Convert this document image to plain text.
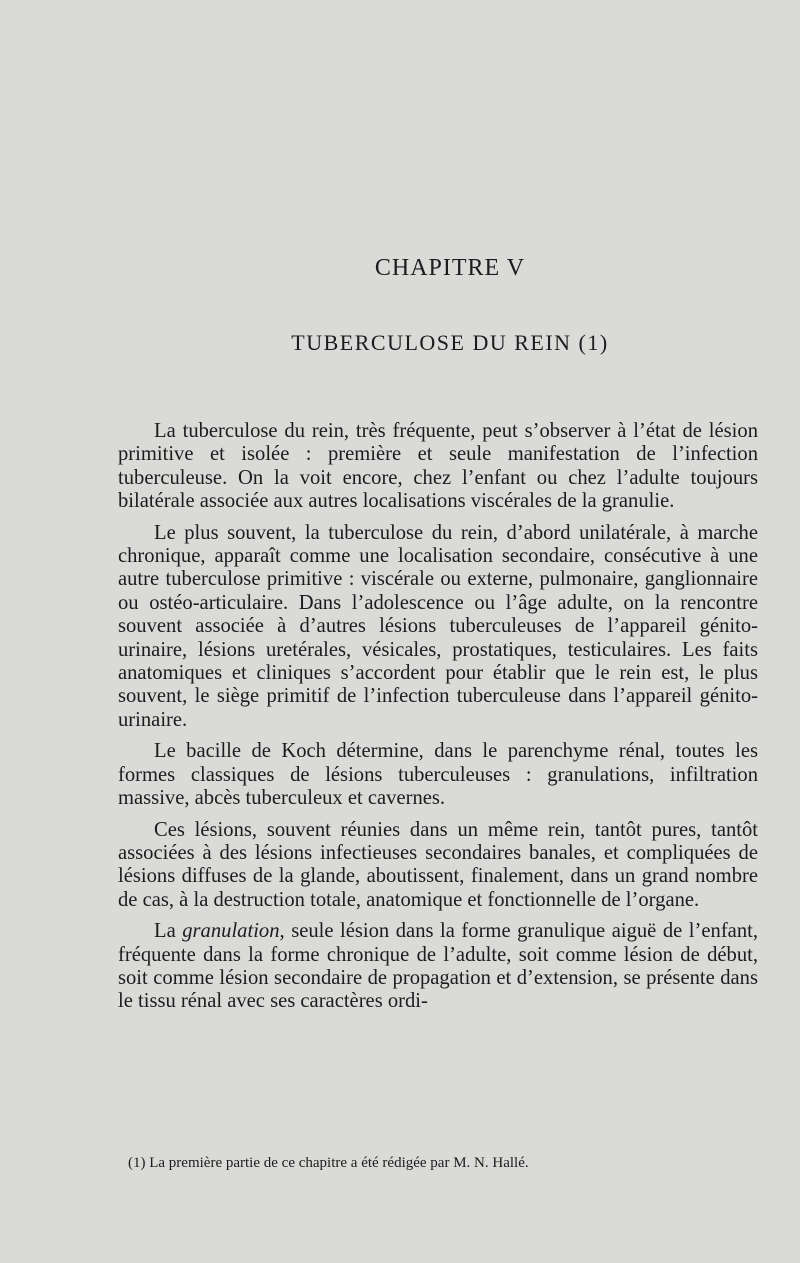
CHAPITRE V
TUBERCULOSE DU REIN (1)

La tuberculose du rein, très fréquente, peut s’observer à l’état de lésion primitive et isolée : première et seule manifestation de l’infection tuberculeuse. On la voit encore, chez l’enfant ou chez l’adulte toujours bilatérale associée aux autres localisations viscérales de la granulie.

Le plus souvent, la tuberculose du rein, d’abord unilatérale, à marche chronique, apparaît comme une localisation secondaire, consécutive à une autre tuberculose primitive : viscérale ou externe, pulmonaire, ganglionnaire ou ostéo-articulaire. Dans l’adolescence ou l’âge adulte, on la rencontre souvent associée à d’autres lésions tuberculeuses de l’appareil génito-urinaire, lésions uretérales, vésicales, prostatiques, testiculaires. Les faits anatomiques et cliniques s’accordent pour établir que le rein est, le plus souvent, le siège primitif de l’infection tuberculeuse dans l’appareil génito-urinaire.

Le bacille de Koch détermine, dans le parenchyme rénal, toutes les formes classiques de lésions tuberculeuses : granulations, infiltration massive, abcès tuberculeux et cavernes.

Ces lésions, souvent réunies dans un même rein, tantôt pures, tantôt associées à des lésions infectieuses secondaires banales, et compliquées de lésions diffuses de la glande, aboutissent, finalement, dans un grand nombre de cas, à la destruction totale, anatomique et fonctionnelle de l’organe.

La granulation, seule lésion dans la forme granulique aiguë de l’enfant, fréquente dans la forme chronique de l’adulte, soit comme lésion de début, soit comme lésion secondaire de propagation et d’extension, se présente dans le tissu rénal avec ses caractères ordi-

(1) La première partie de ce chapitre a été rédigée par M. N. Hallé.
